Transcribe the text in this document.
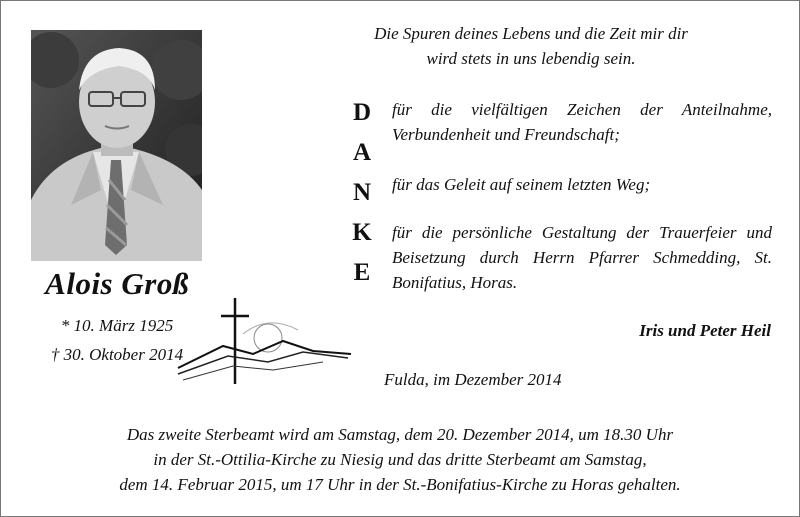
Alois Groß
* 10. März 1925
† 30. Oktober 2014
Die Spuren deines Lebens und die Zeit mir dir
wird stets in uns lebendig sein.
D
A
N
K
E
für die vielfältigen Zeichen der Anteilnahme, Verbundenheit und Freundschaft;
für das Geleit auf seinem letzten Weg;
für die persönliche Gestaltung der Trauerfeier und Beisetzung durch Herrn Pfarrer Schmedding, St. Bonifatius, Horas.
Iris und Peter Heil
Fulda, im Dezember 2014
Das zweite Sterbeamt wird am Samstag, dem 20. Dezember 2014, um 18.30 Uhr
in der St.-Ottilia-Kirche zu Niesig und das dritte Sterbeamt am Samstag,
dem 14. Februar 2015, um 17 Uhr in der St.-Bonifatius-Kirche zu Horas gehalten.
